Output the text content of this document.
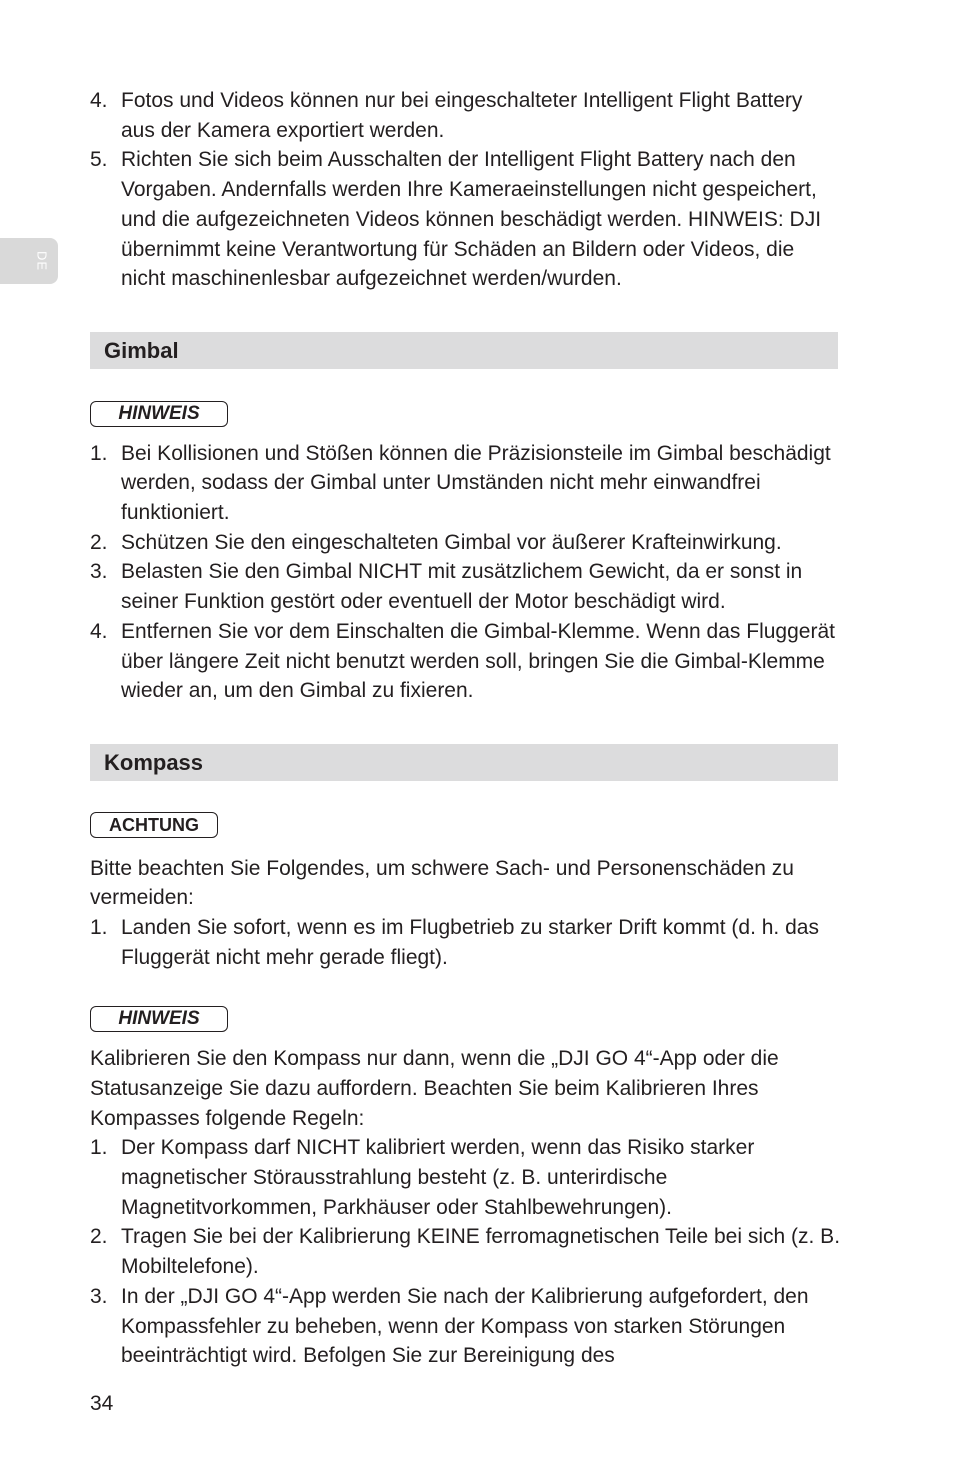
DE
4. Fotos und Videos können nur bei eingeschalteter Intelligent Flight Battery aus der Kamera exportiert werden.
5. Richten Sie sich beim Ausschalten der Intelligent Flight Battery nach den Vorgaben. Andernfalls werden Ihre Kameraeinstellungen nicht gespeichert, und die aufgezeichneten Videos können beschädigt werden. HINWEIS: DJI übernimmt keine Verantwortung für Schäden an Bildern oder Videos, die nicht maschinenlesbar aufgezeichnet werden/wurden.
Gimbal
HINWEIS
1. Bei Kollisionen und Stößen können die Präzisionsteile im Gimbal beschädigt werden, sodass der Gimbal unter Umständen nicht mehr einwandfrei funktioniert.
2. Schützen Sie den eingeschalteten Gimbal vor äußerer Krafteinwirkung.
3. Belasten Sie den Gimbal NICHT mit zusätzlichem Gewicht, da er sonst in seiner Funktion gestört oder eventuell der Motor beschädigt wird.
4. Entfernen Sie vor dem Einschalten die Gimbal-Klemme. Wenn das Fluggerät über längere Zeit nicht benutzt werden soll, bringen Sie die Gimbal-Klemme wieder an, um den Gimbal zu fixieren.
Kompass
ACHTUNG

Bitte beachten Sie Folgendes, um schwere Sach- und Personenschäden zu vermeiden:

1. Landen Sie sofort, wenn es im Flugbetrieb zu starker Drift kommt (d. h. das Fluggerät nicht mehr gerade fliegt).
HINWEIS

Kalibrieren Sie den Kompass nur dann, wenn die „DJI GO 4“-App oder die Statusanzeige Sie dazu auffordern. Beachten Sie beim Kalibrieren Ihres Kompasses folgende Regeln:

1. Der Kompass darf NICHT kalibriert werden, wenn das Risiko starker magnetischer Störausstrahlung besteht (z. B. unterirdische Magnetitvorkommen, Parkhäuser oder Stahlbewehrungen).
2. Tragen Sie bei der Kalibrierung KEINE ferromagnetischen Teile bei sich (z. B. Mobiltelefone).
3. In der „DJI GO 4“-App werden Sie nach der Kalibrierung aufgefordert, den Kompassfehler zu beheben, wenn der Kompass von starken Störungen beeinträchtigt wird. Befolgen Sie zur Bereinigung des
34
